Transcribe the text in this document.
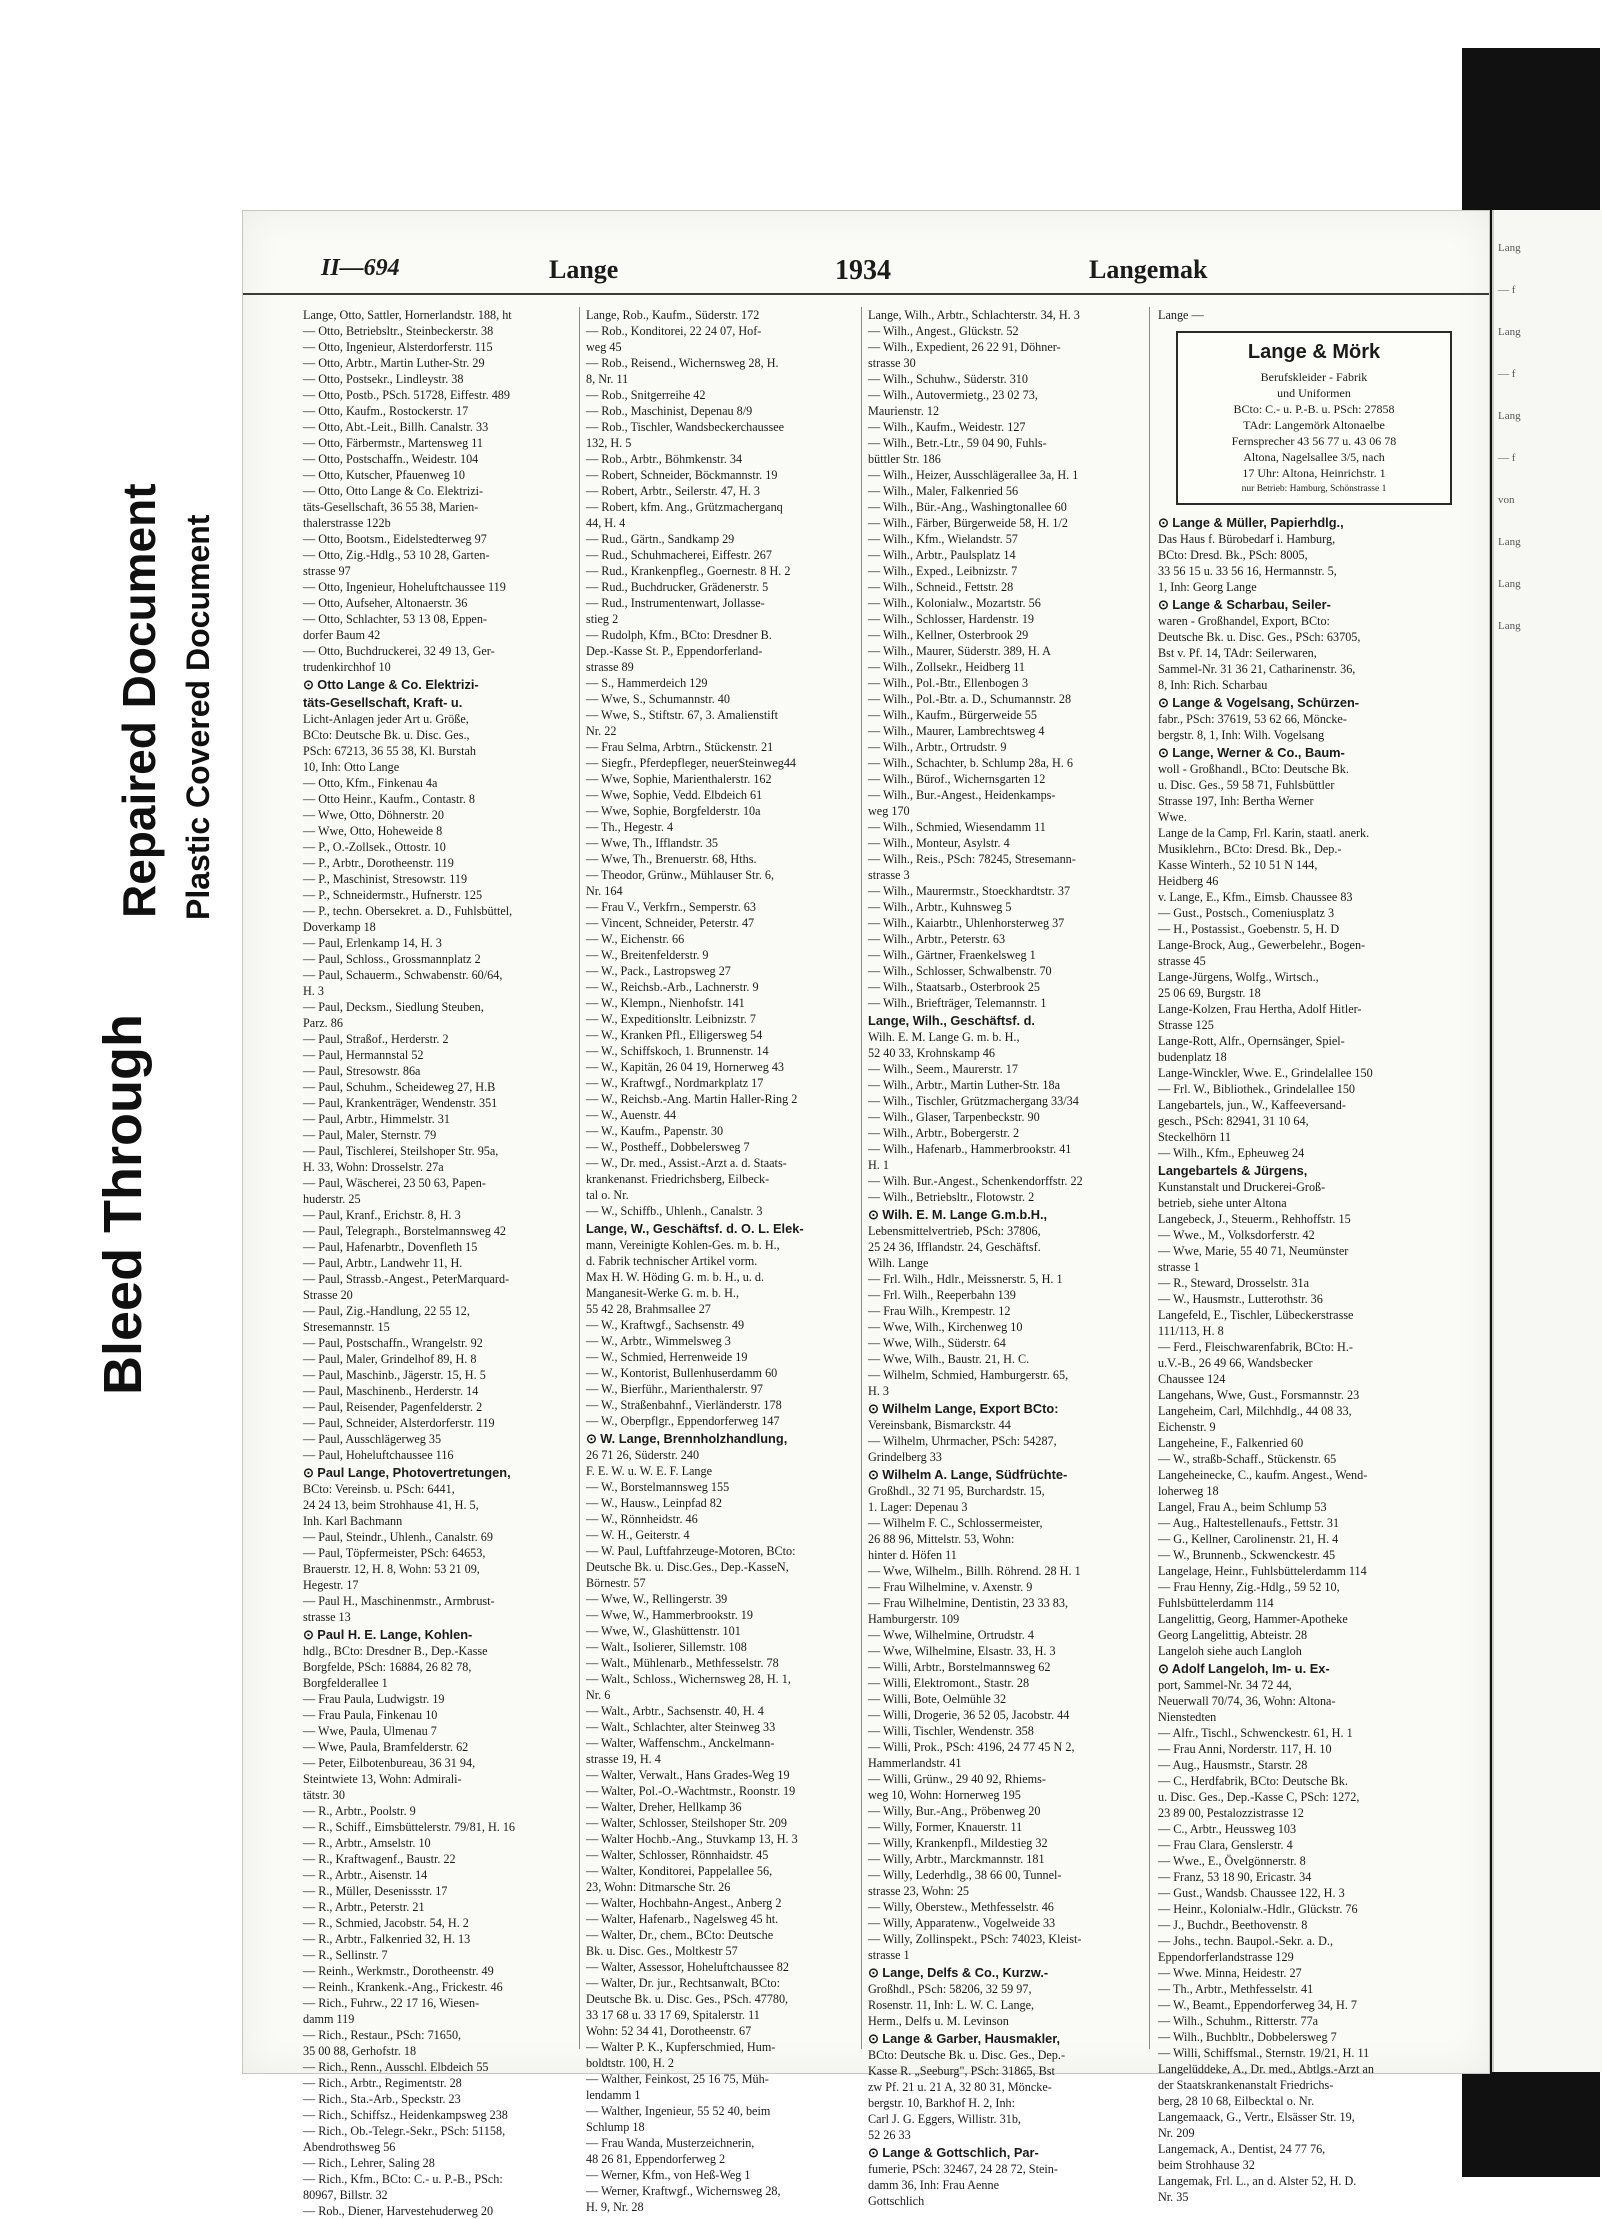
Bleed Through
Repaired Document Plastic Covered Document
II—694	Lange	1934	Langemak
Lange, Otto, Sattler, Hornerlandstr. 188, ht
— Otto, Betriebsltr., Steinbeckerstr. 38
— Otto, Ingenieur, Alsterdorferstr. 115
— Otto, Arbtr., Martin Luther-Str. 29
— Otto, Postsekr., Lindleystr. 38
— Otto, Postb., PSch. 51728, Eiffestr. 489
— Otto, Kaufm., Rostockerstr. 17
— Otto, Abt.-Leit., Billh. Canalstr. 33
— Otto, Färbermstr., Martensweg 11
— Otto, Postschaffn., Weidestr. 104
— Otto, Kutscher, Pfauenweg 10
— Otto, Otto Lange & Co. Elektrizi-
täts-Gesellschaft, 36 55 38, Marien-
thalerstrasse 122b
— Otto, Bootsm., Eidelstedterweg 97
— Otto, Zig.-Hdlg., 53 10 28, Garten-
strasse 97
— Otto, Ingenieur, Hoheluftchaussee 119
— Otto, Aufseher, Altonaerstr. 36
— Otto, Schlachter, 53 13 08, Eppen-
dorfer Baum 42
— Otto, Buchdruckerei, 32 49 13, Ger-
trudenkirchhof 10
⊙ Otto Lange & Co. Elektrizi-
täts-Gesellschaft, Kraft- u.
Licht-Anlagen jeder Art u. Größe,
BCto: Deutsche Bk. u. Disc. Ges.,
PSch: 67213, 36 55 38, Kl. Burstah
10, Inh: Otto Lange
— Otto, Kfm., Finkenau 4a
— Otto Heinr., Kaufm., Contastr. 8
— Wwe, Otto, Döhnerstr. 20
— Wwe, Otto, Hoheweide 8
— P., O.-Zollsek., Ottostr. 10
— P., Arbtr., Dorotheenstr. 119
— P., Maschinist, Stresowstr. 119
— P., Schneidermstr., Hufnerstr. 125
— P., techn. Obersekret. a. D., Fuhlsbüttel,
Doverkamp 18
— Paul, Erlenkamp 14, H. 3
— Paul, Schloss., Grossmannplatz 2
— Paul, Schauerm., Schwabenstr. 60/64,
H. 3
— Paul, Decksm., Siedlung Steuben,
Parz. 86
— Paul, Straßof., Herderstr. 2
— Paul, Hermannstal 52
— Paul, Stresowstr. 86a
— Paul, Schuhm., Scheideweg 27, H.B
— Paul, Krankenträger, Wendenstr. 351
— Paul, Arbtr., Himmelstr. 31
— Paul, Maler, Sternstr. 79
— Paul, Tischlerei, Steilshoper Str. 95a,
H. 33, Wohn: Drosselstr. 27a
— Paul, Wäscherei, 23 50 63, Papen-
huderstr. 25
— Paul, Kranf., Erichstr. 8, H. 3
— Paul, Telegraph., Borstelmannsweg 42
— Paul, Hafenarbtr., Dovenfleth 15
— Paul, Arbtr., Landwehr 11, H.
— Paul, Strassb.-Angest., PeterMarquard-
Strasse 20
— Paul, Zig.-Handlung, 22 55 12,
Stresemannstr. 15
— Paul, Postschaffn., Wrangelstr. 92
— Paul, Maler, Grindelhof 89, H. 8
— Paul, Maschinb., Jägerstr. 15, H. 5
— Paul, Maschinenb., Herderstr. 14
— Paul, Reisender, Pagenfelderstr. 2
— Paul, Schneider, Alsterdorferstr. 119
— Paul, Ausschlägerweg 35
— Paul, Hoheluftchaussee 116
⊙ Paul Lange, Photovertretungen,
BCto: Vereinsb. u. PSch: 6441,
24 24 13, beim Strohhause 41, H. 5,
Inh. Karl Bachmann
— Paul, Steindr., Uhlenh., Canalstr. 69
— Paul, Töpfermeister, PSch: 64653,
Brauerstr. 12, H. 8, Wohn: 53 21 09,
Hegestr. 17
— Paul H., Maschinenmstr., Armbrust-
strasse 13
⊙ Paul H. E. Lange, Kohlen-
hdlg., BCto: Dresdner B., Dep.-Kasse
Borgfelde, PSch: 16884, 26 82 78,
Borgfelderallee 1
— Frau Paula, Ludwigstr. 19
— Frau Paula, Finkenau 10
— Wwe, Paula, Ulmenau 7
— Wwe, Paula, Bramfelderstr. 62
— Peter, Eilbotenbureau, 36 31 94,
Steintwiete 13, Wohn: Admirali-
tätstr. 30
— R., Arbtr., Poolstr. 9
— R., Schiff., Eimsbüttelerstr. 79/81, H. 16
— R., Arbtr., Amselstr. 10
— R., Kraftwagenf., Baustr. 22
— R., Arbtr., Aisenstr. 14
— R., Müller, Desenissstr. 17
— R., Arbtr., Peterstr. 21
— R., Schmied, Jacobstr. 54, H. 2
— R., Arbtr., Falkenried 32, H. 13
— R., Sellinstr. 7
— Reinh., Werkmstr., Dorotheenstr. 49
— Reinh., Krankenk.-Ang., Frickestr. 46
— Rich., Fuhrw., 22 17 16, Wiesen-
damm 119
— Rich., Restaur., PSch: 71650,
35 00 88, Gerhofstr. 18
— Rich., Renn., Ausschl. Elbdeich 55
— Rich., Arbtr., Regimentstr. 28
— Rich., Sta.-Arb., Speckstr. 23
— Rich., Schiffsz., Heidenkampsweg 238
— Rich., Ob.-Telegr.-Sekr., PSch: 51158,
Abendrothsweg 56
— Rich., Lehrer, Saling 28
— Rich., Kfm., BCto: C.- u. P.-B., PSch:
80967, Billstr. 32
— Rob., Diener, Harvestehuderweg 20
Lange, Rob., Kaufm., Süderstr. 172
— Rob., Konditorei, 22 24 07, Hof-
weg 45
— Rob., Reisend., Wichernsweg 28, H.
8, Nr. 11
— Rob., Snitgerreihe 42
— Rob., Maschinist, Depenau 8/9
— Rob., Tischler, Wandsbeckerchaussee
132, H. 5
— Rob., Arbtr., Böhmkenstr. 34
— Robert, Schneider, Böckmannstr. 19
— Robert, Arbtr., Seilerstr. 47, H. 3
— Robert, kfm. Ang., Grützmacherganq
44, H. 4
— Rud., Gärtn., Sandkamp 29
— Rud., Schuhmacherei, Eiffestr. 267
— Rud., Krankenpfleg., Goernestr. 8 H. 2
— Rud., Buchdrucker, Grädenerstr. 5
— Rud., Instrumentenwart, Jollasse-
stieg 2
— Rudolph, Kfm., BCto: Dresdner B.
Dep.-Kasse St. P., Eppendorferland-
strasse 89
— S., Hammerdeich 129
— Wwe, S., Schumannstr. 40
— Wwe, S., Stiftstr. 67, 3. Amalienstift
Nr. 22
— Frau Selma, Arbtrn., Stückenstr. 21
— Siegfr., Pferdepfleger, neuerSteinweg44
— Wwe, Sophie, Marienthalerstr. 162
— Wwe, Sophie, Vedd. Elbdeich 61
— Wwe, Sophie, Borgfelderstr. 10a
— Th., Hegestr. 4
— Wwe, Th., Ifflandstr. 35
— Wwe, Th., Brenuerstr. 68, Hths.
— Theodor, Grünw., Mühlauser Str. 6,
Nr. 164
— Frau V., Verkfrn., Semperstr. 63
— Vincent, Schneider, Peterstr. 47
— W., Eichenstr. 66
— W., Breitenfelderstr. 9
— W., Pack., Lastropsweg 27
— W., Reichsb.-Arb., Lachnerstr. 9
— W., Klempn., Nienhofstr. 141
— W., Expeditionsltr. Leibnizstr. 7
— W., Kranken Pfl., Elligersweg 54
— W., Schiffskoch, 1. Brunnenstr. 14
— W., Kapitän, 26 04 19, Hornerweg 43
— W., Kraftwgf., Nordmarkplatz 17
— W., Reichsb.-Ang. Martin Haller-Ring 2
— W., Auenstr. 44
— W., Kaufm., Papenstr. 30
— W., Postheff., Dobbelersweg 7
— W., Dr. med., Assist.-Arzt a. d. Staats-
krankenanst. Friedrichsberg, Eilbeck-
tal o. Nr.
— W., Schiffb., Uhlenh., Canalstr. 3
Lange, W., Geschäftsf. d. O. L. Elek-
mann, Vereinigte Kohlen-Ges. m. b. H.,
d. Fabrik technischer Artikel vorm.
Max H. W. Höding G. m. b. H., u. d.
Manganesit-Werke G. m. b. H.,
55 42 28, Brahmsallee 27
— W., Kraftwgf., Sachsenstr. 49
— W., Arbtr., Wimmelsweg 3
— W., Schmied, Herrenweide 19
— W., Kontorist, Bullenhuserdamm 60
— W., Bierführ., Marienthalerstr. 97
— W., Straßenbahnf., Vierländerstr. 178
— W., Oberpflgr., Eppendorferweg 147
⊙ W. Lange, Brennholzhandlung,
26 71 26, Süderstr. 240
F. E. W. u. W. E. F. Lange
— W., Borstelmannsweg 155
— W., Hausw., Leinpfad 82
— W., Rönnheidstr. 46
— W. H., Geiterstr. 4
— W. Paul, Luftfahrzeuge-Motoren, BCto:
Deutsche Bk. u. Disc.Ges., Dep.-KasseN,
Börnestr. 57
— Wwe, W., Rellingerstr. 39
— Wwe, W., Hammerbrookstr. 19
— Wwe, W., Glashüttenstr. 101
— Walt., Isolierer, Sillemstr. 108
— Walt., Mühlenarb., Methfesselstr. 78
— Walt., Schloss., Wichernsweg 28, H. 1,
Nr. 6
— Walt., Arbtr., Sachsenstr. 40, H. 4
— Walt., Schlachter, alter Steinweg 33
— Walter, Waffenschm., Anckelmann-
strasse 19, H. 4
— Walter, Verwalt., Hans Grades-Weg 19
— Walter, Pol.-O.-Wachtmstr., Roonstr. 19
— Walter, Dreher, Hellkamp 36
— Walter, Schlosser, Steilshoper Str. 209
— Walter Hochb.-Ang., Stuvkamp 13, H. 3
— Walter, Schlosser, Rönnhaidstr. 45
— Walter, Konditorei, Pappelallee 56,
23, Wohn: Ditmarsche Str. 26
— Walter, Hochbahn-Angest., Anberg 2
— Walter, Hafenarb., Nagelsweg 45 ht.
— Walter, Dr., chem., BCto: Deutsche
Bk. u. Disc. Ges., Moltkestr 57
— Walter, Assessor, Hoheluftchaussee 82
— Walter, Dr. jur., Rechtsanwalt, BCto:
Deutsche Bk. u. Disc. Ges., PSch. 47780,
33 17 68 u. 33 17 69, Spitalerstr. 11
Wohn: 52 34 41, Dorotheenstr. 67
— Walter P. K., Kupferschmied, Hum-
boldtstr. 100, H. 2
— Walther, Feinkost, 25 16 75, Müh-
lendamm 1
— Walther, Ingenieur, 55 52 40, beim
Schlump 18
— Frau Wanda, Musterzeichnerin,
48 26 81, Eppendorferweg 2
— Werner, Kfm., von Heß-Weg 1
— Werner, Kraftwgf., Wichernsweg 28,
H. 9, Nr. 28
Lange, Wilh., Arbtr., Schlachterstr. 34, H. 3
— Wilh., Angest., Glückstr. 52
— Wilh., Expedient, 26 22 91, Döhner-
strasse 30
— Wilh., Schuhw., Süderstr. 310
— Wilh., Autovermietg., 23 02 73,
Maurienstr. 12
— Wilh., Kaufm., Weidestr. 127
— Wilh., Betr.-Ltr., 59 04 90, Fuhls-
büttler Str. 186
— Wilh., Heizer, Ausschlägerallee 3a, H. 1
— Wilh., Maler, Falkenried 56
— Wilh., Bür.-Ang., Washingtonallee 60
— Wilh., Färber, Bürgerweide 58, H. 1/2
— Wilh., Kfm., Wielandstr. 57
— Wilh., Arbtr., Paulsplatz 14
— Wilh., Exped., Leibnizstr. 7
— Wilh., Schneid., Fettstr. 28
— Wilh., Kolonialw., Mozartstr. 56
— Wilh., Schlosser, Hardenstr. 19
— Wilh., Kellner, Osterbrook 29
— Wilh., Maurer, Süderstr. 389, H. A
— Wilh., Zollsekr., Heidberg 11
— Wilh., Pol.-Btr., Ellenbogen 3
— Wilh., Pol.-Btr. a. D., Schumannstr. 28
— Wilh., Kaufm., Bürgerweide 55
— Wilh., Maurer, Lambrechtsweg 4
— Wilh., Arbtr., Ortrudstr. 9
— Wilh., Schachter, b. Schlump 28a, H. 6
— Wilh., Bürof., Wichernsgarten 12
— Wilh., Bur.-Angest., Heidenkamps-
weg 170
— Wilh., Schmied, Wiesendamm 11
— Wilh., Monteur, Asylstr. 4
— Wilh., Reis., PSch: 78245, Stresemann-
strasse 3
— Wilh., Maurermstr., Stoeckhardtstr. 37
— Wilh., Arbtr., Kuhnsweg 5
— Wilh., Kaiarbtr., Uhlenhorsterweg 37
— Wilh., Arbtr., Peterstr. 63
— Wilh., Gärtner, Fraenkelsweg 1
— Wilh., Schlosser, Schwalbenstr. 70
— Wilh., Staatsarb., Osterbrook 25
— Wilh., Briefträger, Telemannstr. 1
Lange, Wilh., Geschäftsf. d.
Wilh. E. M. Lange G. m. b. H.,
52 40 33, Krohnskamp 46
— Wilh., Seem., Maurerstr. 17
— Wilh., Arbtr., Martin Luther-Str. 18a
— Wilh., Tischler, Grützmachergang 33/34
— Wilh., Glaser, Tarpenbeckstr. 90
— Wilh., Arbtr., Bobergerstr. 2
— Wilh., Hafenarb., Hammerbrookstr. 41
H. 1
— Wilh. Bur.-Angest., Schenkendorffstr. 22
— Wilh., Betriebsltr., Flotowstr. 2
⊙ Wilh. E. M. Lange G.m.b.H.,
Lebensmittelvertrieb, PSch: 37806,
25 24 36, Ifflandstr. 24, Geschäftsf.
Wilh. Lange
— Frl. Wilh., Hdlr., Meissnerstr. 5, H. 1
— Frl. Wilh., Reeperbahn 139
— Frau Wilh., Krempestr. 12
— Wwe, Wilh., Kirchenweg 10
— Wwe, Wilh., Süderstr. 64
— Wwe, Wilh., Baustr. 21, H. C.
— Wilhelm, Schmied, Hamburgerstr. 65,
H. 3
⊙ Wilhelm Lange, Export BCto:
Vereinsbank, Bismarckstr. 44
— Wilhelm, Uhrmacher, PSch: 54287,
Grindelberg 33
⊙ Wilhelm A. Lange, Südfrüchte-
Großhdl., 32 71 95, Burchardstr. 15,
1. Lager: Depenau 3
— Wilhelm F. C., Schlossermeister,
26 88 96, Mittelstr. 53, Wohn:
hinter d. Höfen 11
— Wwe, Wilhelm., Billh. Röhrend. 28 H. 1
— Frau Wilhelmine, v. Axenstr. 9
— Frau Wilhelmine, Dentistin, 23 33 83,
Hamburgerstr. 109
— Wwe, Wilhelmine, Ortrudstr. 4
— Wwe, Wilhelmine, Elsastr. 33, H. 3
— Willi, Arbtr., Borstelmannsweg 62
— Willi, Elektromont., Stastr. 28
— Willi, Bote, Oelmühle 32
— Willi, Drogerie, 36 52 05, Jacobstr. 44
— Willi, Tischler, Wendenstr. 358
— Willi, Prok., PSch: 4196, 24 77 45 N 2,
Hammerlandstr. 41
— Willi, Grünw., 29 40 92, Rhiems-
weg 10, Wohn: Hornerweg 195
— Willy, Bur.-Ang., Pröbenweg 20
— Willy, Former, Knauerstr. 11
— Willy, Krankenpfl., Mildestieg 32
— Willy, Arbtr., Marckmannstr. 181
— Willy, Lederhdlg., 38 66 00, Tunnel-
strasse 23, Wohn: 25
— Willy, Oberstew., Methfesselstr. 46
— Willy, Apparatenw., Vogelweide 33
— Willy, Zollinspekt., PSch: 74023, Kleist-
strasse 1
⊙ Lange, Delfs & Co., Kurzw.-
Großhdl., PSch: 58206, 32 59 97,
Rosenstr. 11, Inh: L. W. C. Lange,
Herm., Delfs u. M. Levinson
⊙ Lange & Garber, Hausmakler,
BCto: Deutsche Bk. u. Disc. Ges., Dep.-
Kasse R. „Seeburg", PSch: 31865, Bst
zw Pf. 21 u. 21 A, 32 80 31, Mönckе-
bergstr. 10, Barkhof H. 2, Inh:
Carl J. G. Eggers, Willistr. 31b,
52 26 33
⊙ Lange & Gottschlich, Par-
fumerie, PSch: 32467, 24 28 72, Stein-
damm 36, Inh: Frau Aenne
Gottschlich
Lange —
Lange & Mörk
Berufskleider - Fabrik
und Uniformen
BCto: C.- u. P.-B. u. PSch: 27858
TAdr: Langemörk Altonaelbe
Fernsprecher 43 56 77 u. 43 06 78
Altona, Nagelsallee 3/5, nach
17 Uhr: Altona, Heinrichstr. 1
nur Betrieb: Hamburg, Schönstrasse 1
⊙ Lange & Müller, Papierhdlg.,
Das Haus f. Bürobedarf i. Hamburg,
BCto: Dresd. Bk., PSch: 8005,
33 56 15 u. 33 56 16, Hermannstr. 5,
1, Inh: Georg Lange
⊙ Lange & Scharbau, Seiler-
waren - Großhandel, Export, BCto:
Deutsche Bk. u. Disc. Ges., PSch: 63705,
Bst v. Pf. 14, TAdr: Seilerwaren,
Sammel-Nr. 31 36 21, Catharinenstr. 36,
8, Inh: Rich. Scharbau
⊙ Lange & Vogelsang, Schürzen-
fabr., PSch: 37619, 53 62 66, Möncke-
bergstr. 8, 1, Inh: Wilh. Vogelsang
⊙ Lange, Werner & Co., Baum-
woll - Großhandl., BCto: Deutsche Bk.
u. Disc. Ges., 59 58 71, Fuhlsbüttler
Strasse 197, Inh: Bertha Werner
Wwe.
Lange de la Camp, Frl. Karin, staatl. anerk.
Musiklehrn., BCto: Dresd. Bk., Dep.-
Kasse Winterh., 52 10 51 N 144,
Heidberg 46
v. Lange, E., Kfm., Eimsb. Chaussee 83
— Gust., Postsch., Comeniusplatz 3
— H., Postassist., Goebenstr. 5, H. D
Lange-Brock, Aug., Gewerbelehr., Bogen-
strasse 45
Lange-Jürgens, Wolfg., Wirtsch.,
25 06 69, Burgstr. 18
Lange-Kolzen, Frau Hertha, Adolf Hitler-
Strasse 125
Lange-Rott, Alfr., Opernsänger, Spiel-
budenplatz 18
Lange-Winckler, Wwe. E., Grindelallee 150
— Frl. W., Bibliothek., Grindelallee 150
Langebartels, jun., W., Kaffeeversand-
gesch., PSch: 82941, 31 10 64,
Steckelhörn 11
— Wilh., Kfm., Epheuweg 24
Langebartels & Jürgens,
Kunstanstalt und Druckerei-Groß-
betrieb, siehe unter Altona
Langebeck, J., Steuerm., Rehhoffstr. 15
— Wwe., M., Volksdorferstr. 42
— Wwe, Marie, 55 40 71, Neumünster
strasse 1
— R., Steward, Drosselstr. 31a
— W., Hausmstr., Lutterothstr. 36
Langefeld, E., Tischler, Lübeckerstrasse
111/113, H. 8
— Ferd., Fleischwarenfabrik, BCto: H.-
u.V.-B., 26 49 66, Wandsbecker
Chaussee 124
Langehans, Wwe, Gust., Forsmannstr. 23
Langeheim, Carl, Milchhdlg., 44 08 33,
Eichenstr. 9
Langeheine, F., Falkenried 60
— W., straßb-Schaff., Stückenstr. 65
Langeheinecke, C., kaufm. Angest., Wend-
loherweg 18
Langel, Frau A., beim Schlump 53
— Aug., Haltestellenaufs., Fettstr. 31
— G., Kellner, Carolinenstr. 21, H. 4
— W., Brunnenb., Sckwenckestr. 45
Langelage, Heinr., Fuhlsbüttelerdamm 114
— Frau Henny, Zig.-Hdlg., 59 52 10,
Fuhlsbüttelerdamm 114
Langelittig, Georg, Hammer-Apotheke
Georg Langelittig, Abteistr. 28
Langeloh siehe auch Langloh
⊙ Adolf Langeloh, Im- u. Ex-
port, Sammel-Nr. 34 72 44,
Neuerwall 70/74, 36, Wohn: Altona-
Nienstedten
— Alfr., Tischl., Schwenckestr. 61, H. 1
— Frau Anni, Norderstr. 117, H. 10
— Aug., Hausmstr., Starstr. 28
— C., Herdfabrik, BCto: Deutsche Bk.
u. Disc. Ges., Dep.-Kasse C, PSch: 1272,
23 89 00, Pestalozzistrasse 12
— C., Arbtr., Heussweg 103
— Frau Clara, Genslerstr. 4
— Wwe., E., Övelgönnerstr. 8
— Franz, 53 18 90, Ericastr. 34
— Gust., Wandsb. Chaussee 122, H. 3
— Heinr., Kolonialw.-Hdlr., Glückstr. 76
— J., Buchdr., Beethovenstr. 8
— Johs., techn. Baupol.-Sekr. a. D.,
Eppendorferlandstrasse 129
— Wwe. Minna, Heidestr. 27
— Th., Arbtr., Methfesselstr. 41
— W., Beamt., Eppendorferweg 34, H. 7
— Wilh., Schuhm., Ritterstr. 77a
— Wilh., Buchbltr., Dobbelersweg 7
— Willi, Schiffsmal., Sternstr. 19/21, H. 11
Langelüddeke, A., Dr. med., Abtlgs.-Arzt an
der Staatskrankenanstalt Friedrichs-
berg, 28 10 68, Eilbecktal o. Nr.
Langemaack, G., Vertr., Elsässer Str. 19,
Nr. 209
Langemack, A., Dentist, 24 77 76,
beim Strohhause 32
Langemak, Frl. L., an d. Alster 52, H. D.
Nr. 35
Lang
— f
Lang
— f
Lang
— f
von
Lang
Lang
Lang
